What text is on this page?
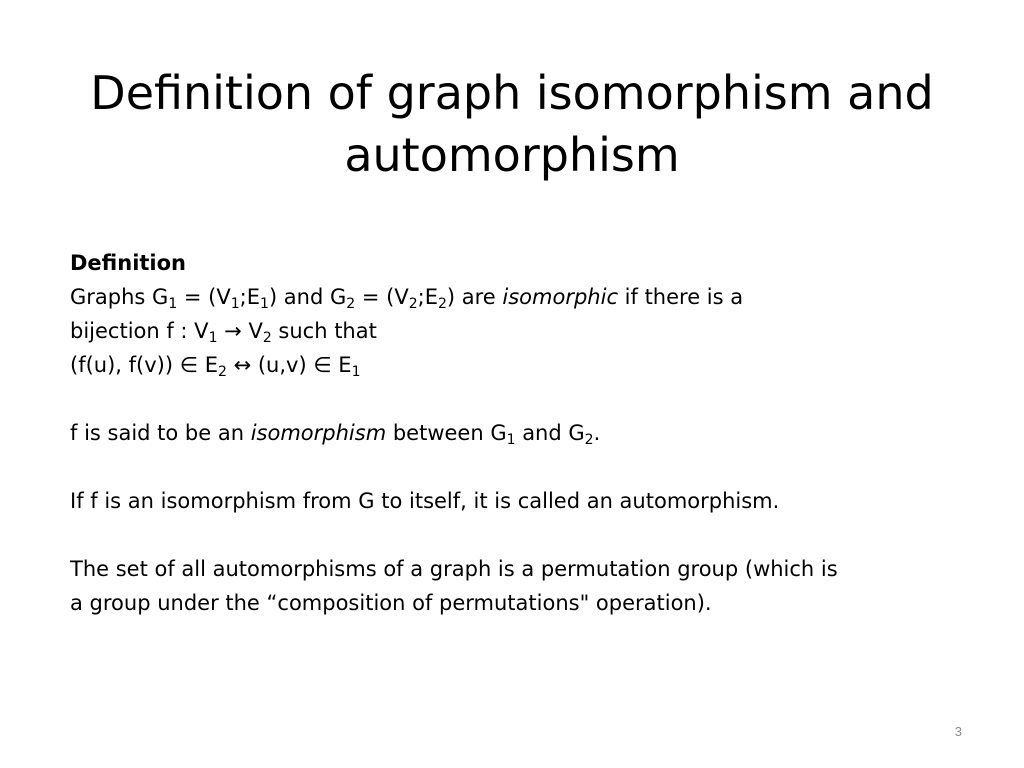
Definition of graph isomorphism and
automorphism
Definition
Graphs $G_1$ = $(V_1;E_1)$ and $G_2$ = $(V_2;E_2)$ are isomorphic if there is a
bijection f : $V_1 \to V_2$ such that
(f(u), f(v)) ∈ $E_2$ ↔ (u,v) ∈ $E_1$
f is said to be an isomorphism between $G_1$ and $G_2$.
If f is an isomorphism from G to itself, it is called an automorphism.
The set of all automorphisms of a graph is a permutation group (which is
a group under the “composition of permutations" operation).
3
